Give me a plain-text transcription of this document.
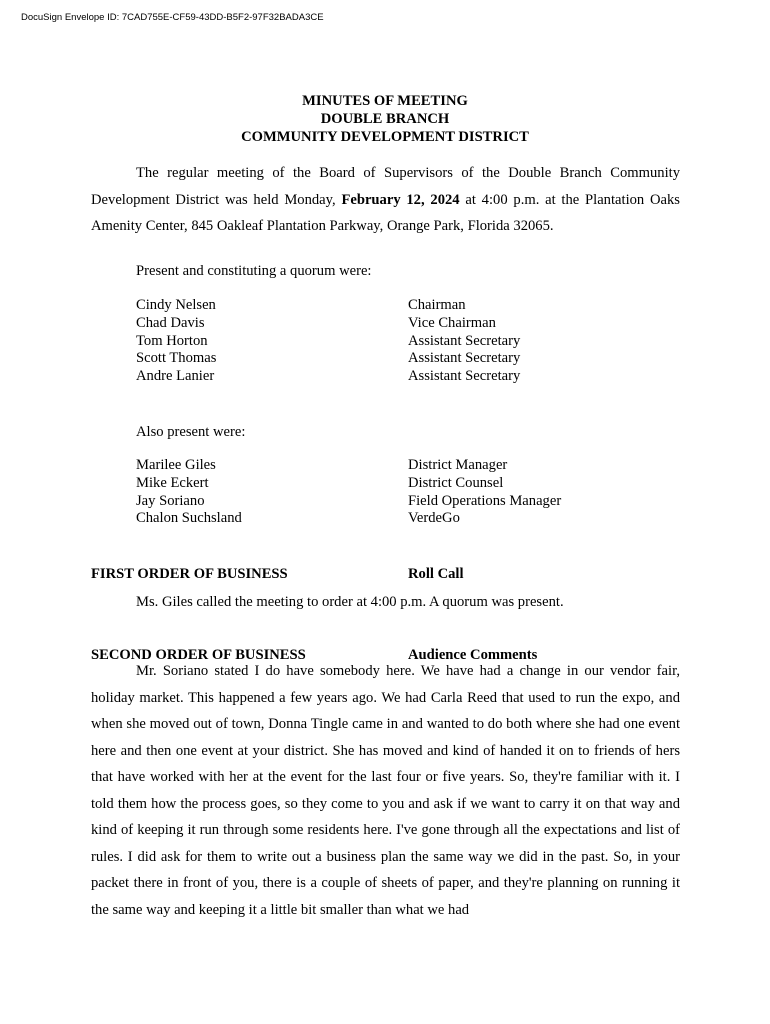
DocuSign Envelope ID: 7CAD755E-CF59-43DD-B5F2-97F32BADA3CE
MINUTES OF MEETING
DOUBLE BRANCH
COMMUNITY DEVELOPMENT DISTRICT
The regular meeting of the Board of Supervisors of the Double Branch Community Development District was held Monday, February 12, 2024 at 4:00 p.m. at the Plantation Oaks Amenity Center, 845 Oakleaf Plantation Parkway, Orange Park, Florida 32065.
Present and constituting a quorum were:
Cindy Nelsen	Chairman
Chad Davis	Vice Chairman
Tom Horton	Assistant Secretary
Scott Thomas	Assistant Secretary
Andre Lanier	Assistant Secretary
Also present were:
Marilee Giles	District Manager
Mike Eckert	District Counsel
Jay Soriano	Field Operations Manager
Chalon Suchsland	VerdeGo
FIRST ORDER OF BUSINESS	Roll Call
Ms. Giles called the meeting to order at 4:00 p.m. A quorum was present.
SECOND ORDER OF BUSINESS	Audience Comments
Mr. Soriano stated I do have somebody here. We have had a change in our vendor fair, holiday market. This happened a few years ago. We had Carla Reed that used to run the expo, and when she moved out of town, Donna Tingle came in and wanted to do both where she had one event here and then one event at your district. She has moved and kind of handed it on to friends of hers that have worked with her at the event for the last four or five years. So, they're familiar with it. I told them how the process goes, so they come to you and ask if we want to carry it on that way and kind of keeping it run through some residents here. I've gone through all the expectations and list of rules. I did ask for them to write out a business plan the same way we did in the past. So, in your packet there in front of you, there is a couple of sheets of paper, and they're planning on running it the same way and keeping it a little bit smaller than what we had
